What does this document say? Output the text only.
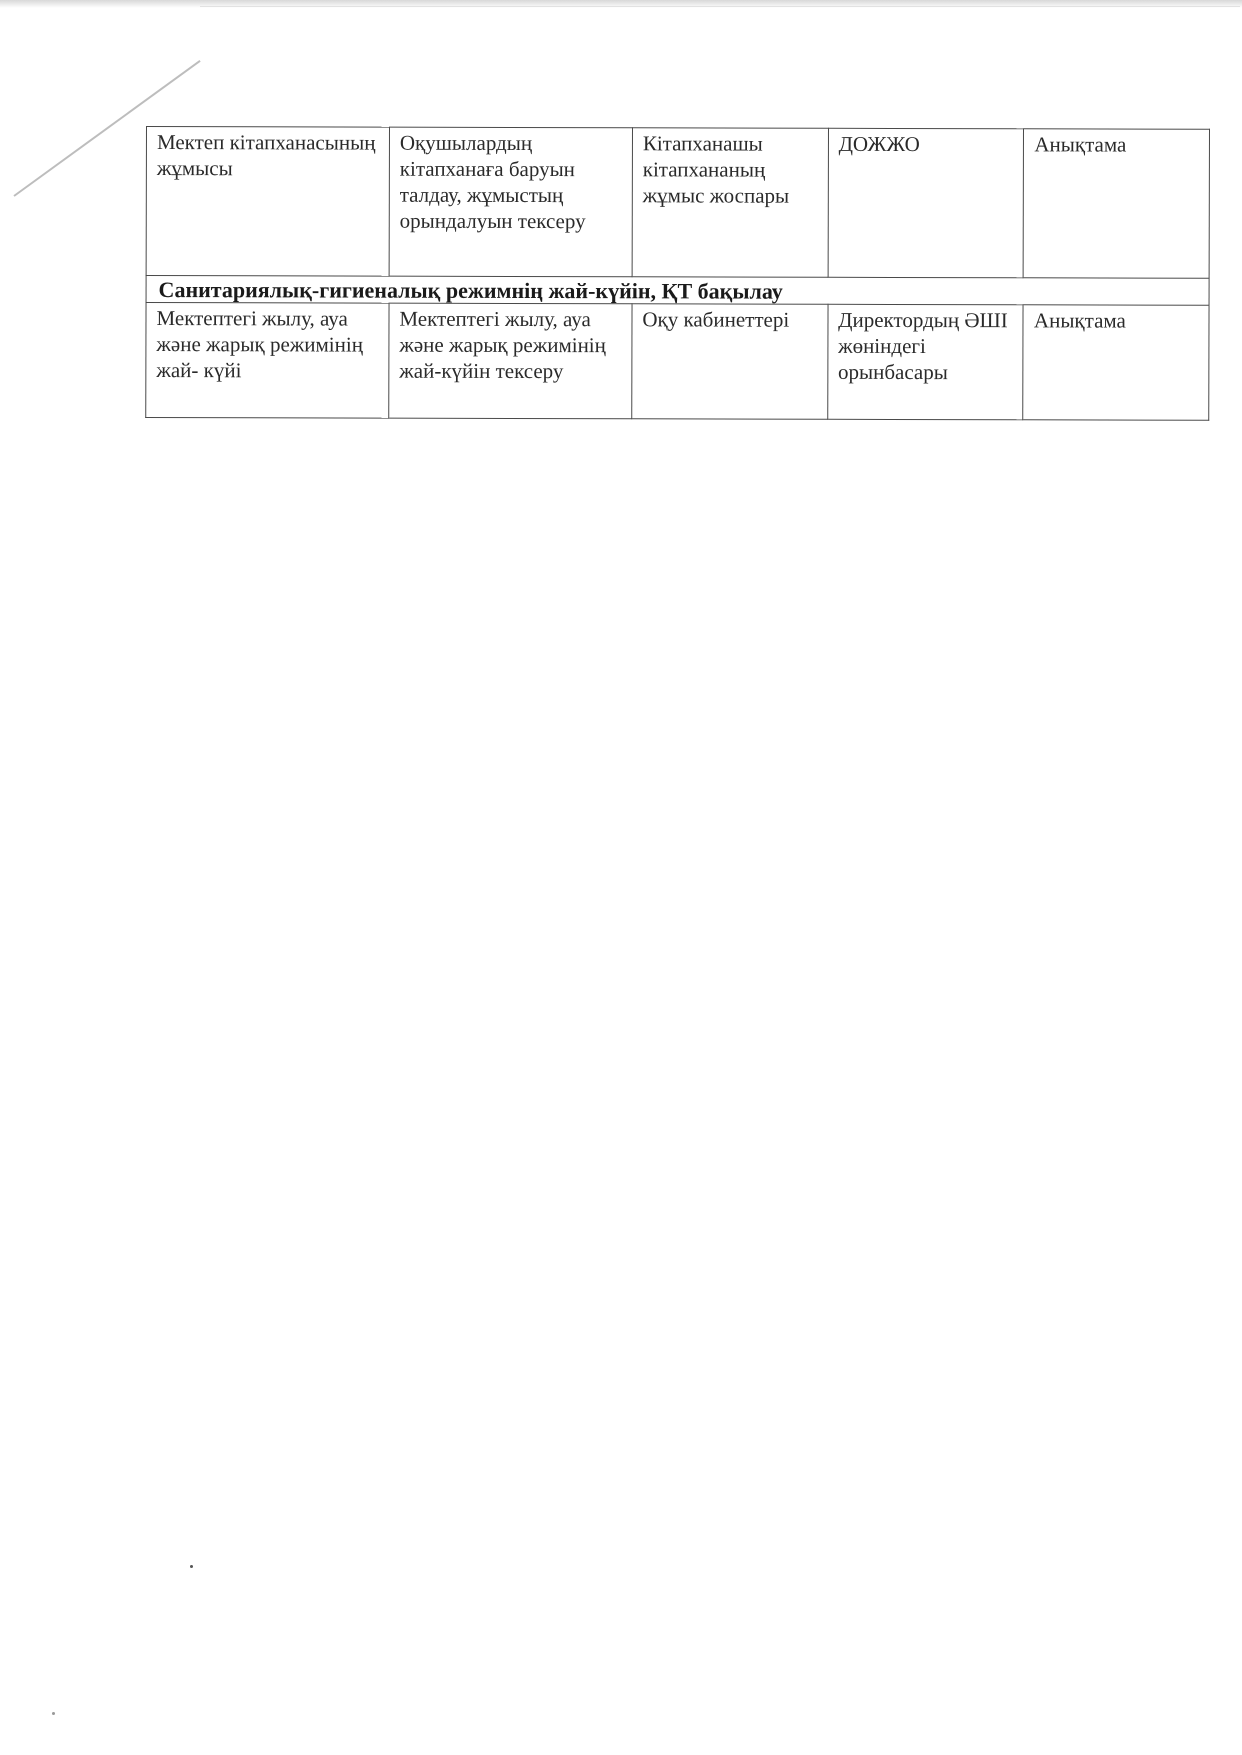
Мектеп кітапханасының жұмысы	Оқушылардың кітапханаға баруын талдау, жұмыстың орындалуын тексеру	Кітапханашы кітапхананың жұмыс жоспары	ДОЖЖО	Анықтама
Санитариялық-гигиеналық режимнің жай-күйін, ҚТ бақылау				
Мектептегі жылу, ауа және жарық режимінің жай- күйі	Мектептегі жылу, ауа және жарық режимінің жай-күйін тексеру	Оқу кабинеттері	Директордың ӘШІ жөніндегі орынбасары	Анықтама
